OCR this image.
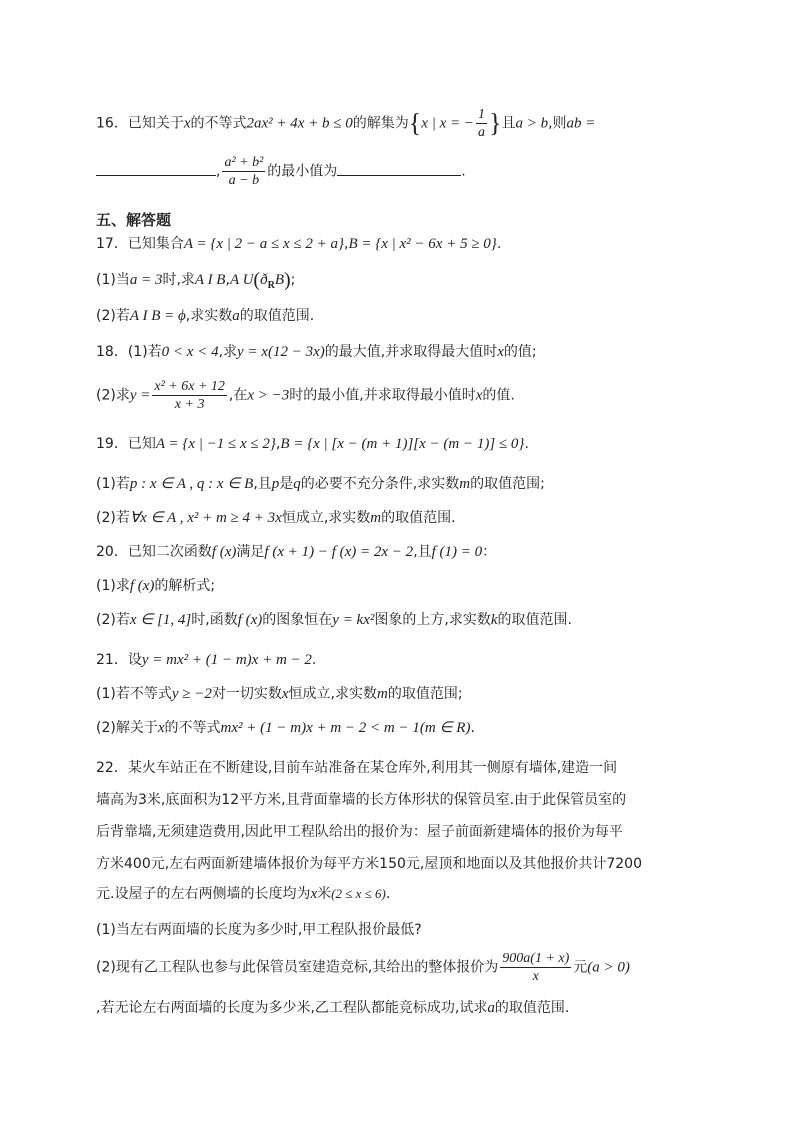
16．已知关于x的不等式2ax² + 4x + b ≤ 0的解集为{x | x = − $\frac{1}{a}$ }且a > b,则ab =
, $\frac{\text{a² + b²}}{a - b}$ 的最小值为	.
五、解答题
17．已知集合A = {x | 2 − a ≤ x ≤ 2 + a},B = {x | x² − 6x + 5 ≥ 0}.
(1)当a = 3时,求A I B,A $U(ð_RB)$;
(2)若A I B = ϕ,求实数a的取值范围.
18．(1)若0 < x < 4,求y = x(12 − 3x)的最大值,并求取得最大值时x的值;
(2)求$y = \frac{\text{x² + 6x + 12}}{x + 3}$ ,在x > −3时的最小值,并求取得最小值时x的值.
19．已知A = {x | −1 ≤ x ≤ 2},B = {x | [x − (m + 1)][x − (m − 1)] ≤ 0}.
(1)若p : x ∈ A , q : x ∈ B,且p是q的必要不充分条件,求实数m的取值范围;
(2)若∀x ∈ A , x² + m ≥ 4 + 3x恒成立,求实数m的取值范围.
20．已知二次函数f (x)满足f (x + 1) − f (x) = 2x − 2,且f (1) = 0：
(1)求f (x)的解析式;
(2)若x ∈ [1, 4]时,函数f (x)的图象恒在y = kx²图象的上方,求实数k的取值范围.
21．设y = mx² + (1 − m)x + m − 2.
(1)若不等式y ≥ −2对一切实数x恒成立,求实数m的取值范围;
(2)解关于x的不等式mx² + (1 − m)x + m − 2 < m − 1(m ∈ R).
22．某火车站正在不断建设,目前车站准备在某仓库外,利用其一侧原有墙体,建造一间
墙高为3米,底面积为12平方米,且背面靠墙的长方体形状的保管员室.由于此保管员室的
后背靠墙,无须建造费用,因此甲工程队给出的报价为：屋子前面新建墙体的报价为每平
方米400元,左右两面新建墙体报价为每平方米150元,屋顶和地面以及其他报价共计7200
元.设屋子的左右两侧墙的长度均为x米(2 ≤ x ≤ 6).
(1)当左右两面墙的长度为多少时,甲工程队报价最低?
(2)现有乙工程队也参与此保管员室建造竞标,其给出的整体报价为 $\frac{900a(1 + x)}{x}$ 元(a > 0)
,若无论左右两面墙的长度为多少米,乙工程队都能竞标成功,试求a的取值范围.
